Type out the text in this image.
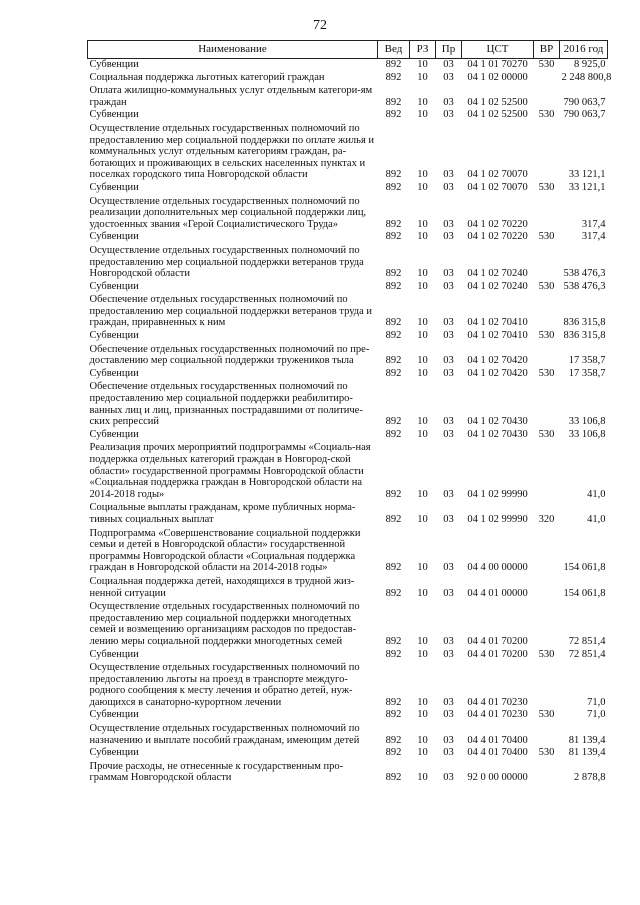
72
Наименование	Вед	РЗ	Пр	ЦСТ	ВР	2016 год
Субвенции	892	10	03	04 1 01 70270	530	8 925,0
Социальная поддержка льготных категорий граждан	892	10	03	04 1 02 00000		2 248 800,8
Оплата жилищно-коммунальных услуг отдельным категори-ям граждан	892	10	03	04 1 02 52500		790 063,7
Субвенции	892	10	03	04 1 02 52500	530	790 063,7
Осуществление отдельных государственных полномочий по предоставлению мер социальной поддержки по оплате жилья и коммунальных услуг отдельным категориям граждан, ра-ботающих и проживающих в сельских населенных пунктах и поселках городского типа Новгородской области	892	10	03	04 1 02 70070		33 121,1
Субвенции	892	10	03	04 1 02 70070	530	33 121,1
Осуществление отдельных государственных полномочий по реализации дополнительных мер социальной поддержки лиц, удостоенных звания «Герой Социалистического Труда»	892	10	03	04 1 02 70220		317,4
Субвенции	892	10	03	04 1 02 70220	530	317,4
Осуществление отдельных государственных полномочий по предоставлению мер социальной поддержки ветеранов труда Новгородской области	892	10	03	04 1 02 70240		538 476,3
Субвенции	892	10	03	04 1 02 70240	530	538 476,3
Обеспечение отдельных государственных полномочий по предоставлению мер социальной поддержки ветеранов труда и граждан, приравненных к ним	892	10	03	04 1 02 70410		836 315,8
Субвенции	892	10	03	04 1 02 70410	530	836 315,8
Обеспечение отдельных государственных полномочий по пре-доставлению мер социальной поддержки тружеников тыла	892	10	03	04 1 02 70420		17 358,7
Субвенции	892	10	03	04 1 02 70420	530	17 358,7
Обеспечение отдельных государственных полномочий по предоставлению мер социальной поддержки реабилитиро-ванных лиц и лиц, признанных пострадавшими от политиче-ских репрессий	892	10	03	04 1 02 70430		33 106,8
Субвенции	892	10	03	04 1 02 70430	530	33 106,8
Реализация прочих мероприятий подпрограммы «Социаль-ная поддержка отдельных категорий граждан в Новгород-ской области» государственной программы Новгородской области «Социальная поддержка граждан в Новгородской области на 2014-2018 годы»	892	10	03	04 1 02 99990		41,0
Социальные выплаты гражданам, кроме публичных норма-тивных социальных выплат	892	10	03	04 1 02 99990	320	41,0
Подпрограмма «Совершенствование социальной поддержки семьи и детей в Новгородской области» государственной программы Новгородской области «Социальная поддержка граждан в Новгородской области на 2014-2018 годы»	892	10	03	04 4 00 00000		154 061,8
Социальная поддержка детей, находящихся в трудной жиз-ненной ситуации	892	10	03	04 4 01 00000		154 061,8
Осуществление отдельных государственных полномочий по предоставлению мер социальной поддержки многодетных семей и возмещению организациям расходов по предостав-лению меры социальной поддержки многодетных семей	892	10	03	04 4 01 70200		72 851,4
Субвенции	892	10	03	04 4 01 70200	530	72 851,4
Осуществление отдельных государственных полномочий по предоставлению льготы на проезд в транспорте междуго-родного сообщения к месту лечения и обратно детей, нуж-дающихся в санаторно-курортном лечении	892	10	03	04 4 01 70230		71,0
Субвенции	892	10	03	04 4 01 70230	530	71,0
Осуществление отдельных государственных полномочий по назначению и выплате пособий гражданам, имеющим детей	892	10	03	04 4 01 70400		81 139,4
Субвенции	892	10	03	04 4 01 70400	530	81 139,4
Прочие расходы, не отнесенные к государственным про-граммам Новгородской области	892	10	03	92 0 00 00000		2 878,8
